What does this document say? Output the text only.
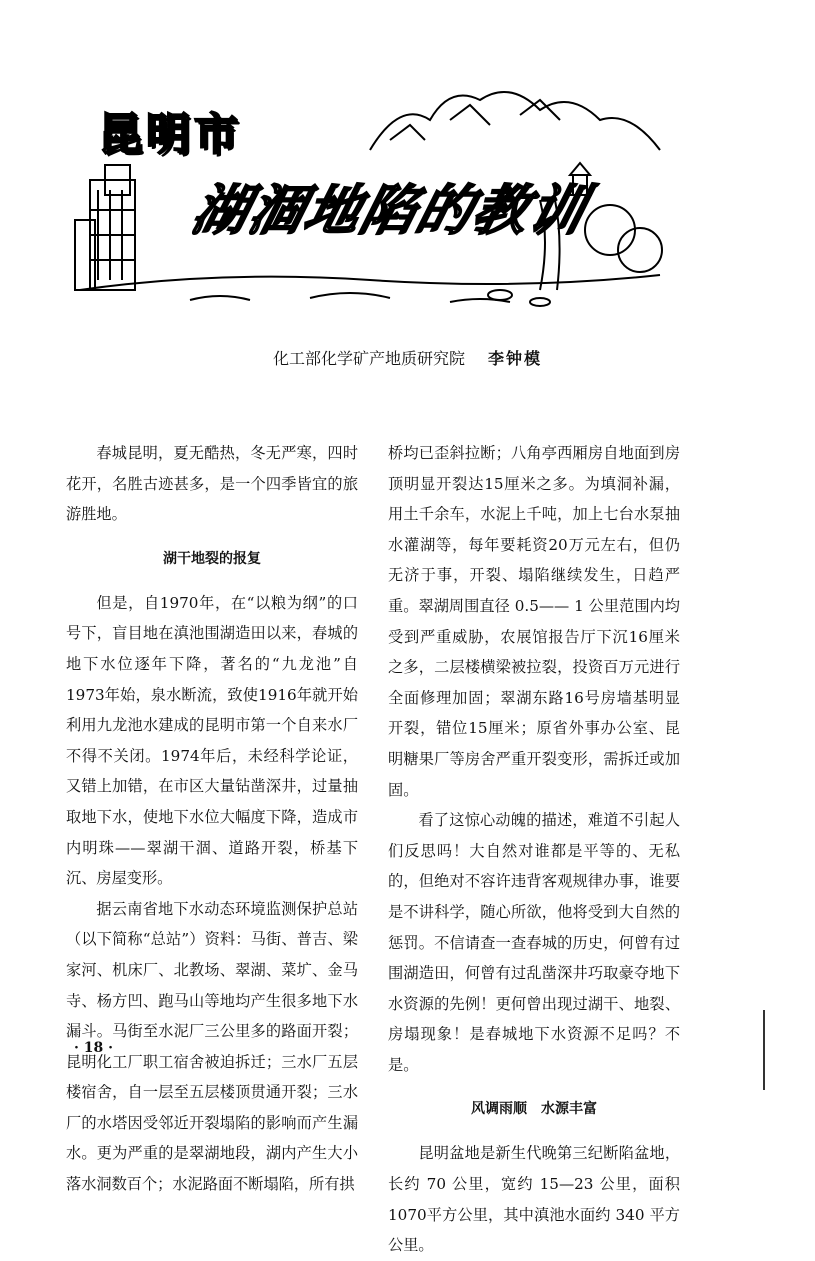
昆明市
湖涸地陷的教训
化工部化学矿产地质研究院 李钟模

春城昆明，夏无酷热，冬无严寒，四时花开，名胜古迹甚多，是一个四季皆宜的旅游胜地。

湖干地裂的报复

但是，自1970年，在“以粮为纲”的口号下，盲目地在滇池围湖造田以来，春城的地下水位逐年下降，著名的“九龙池”自1973年始，泉水断流，致使1916年就开始利用九龙池水建成的昆明市第一个自来水厂不得不关闭。1974年后，未经科学论证，又错上加错，在市区大量钻凿深井，过量抽取地下水，使地下水位大幅度下降，造成市内明珠——翠湖干涸、道路开裂，桥基下沉、房屋变形。

据云南省地下水动态环境监测保护总站（以下简称“总站”）资料：马街、普吉、梁家河、机床厂、北教场、翠湖、菜圹、金马寺、杨方凹、跑马山等地均产生很多地下水漏斗。马街至水泥厂三公里多的路面开裂；昆明化工厂职工宿舍被迫拆迁；三水厂五层楼宿舍，自一层至五层楼顶贯通开裂；三水厂的水塔因受邻近开裂塌陷的影响而产生漏水。更为严重的是翠湖地段，湖内产生大小落水洞数百个；水泥路面不断塌陷，所有拱

桥均已歪斜拉断；八角亭西厢房自地面到房顶明显开裂达15厘米之多。为填洞补漏，用土千余车，水泥上千吨，加上七台水泵抽水灌湖等，每年要耗资20万元左右，但仍无济于事，开裂、塌陷继续发生，日趋严重。翠湖周围直径 0.5—— 1 公里范围内均受到严重威胁，农展馆报告厅下沉16厘米之多，二层楼横梁被拉裂，投资百万元进行全面修理加固；翠湖东路16号房墙基明显开裂，错位15厘米；原省外事办公室、昆明糖果厂等房舍严重开裂变形，需拆迁或加固。

看了这惊心动魄的描述，难道不引起人们反思吗！大自然对谁都是平等的、无私的，但绝对不容许违背客观规律办事，谁要是不讲科学，随心所欲，他将受到大自然的惩罚。不信请查一查春城的历史，何曾有过围湖造田，何曾有过乱凿深井巧取豪夺地下水资源的先例！更何曾出现过湖干、地裂、房塌现象！是春城地下水资源不足吗？不是。

风调雨顺　水源丰富

昆明盆地是新生代晚第三纪断陷盆地，长约 70 公里，宽约 15—23 公里，面积1070平方公里，其中滇池水面约 340 平方公里。

· 18 ·
